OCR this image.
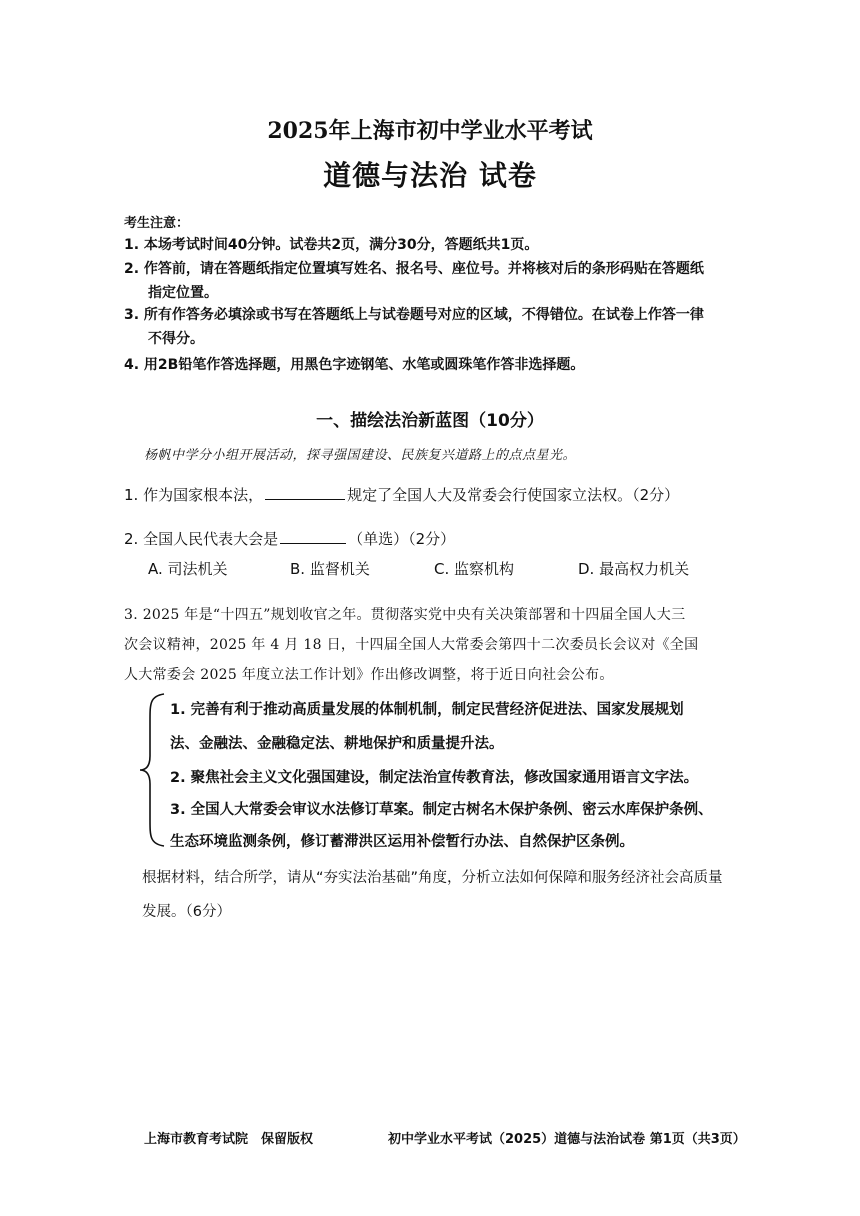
2025年上海市初中学业水平考试
道德与法治 试卷
考生注意：
1. 本场考试时间40分钟。试卷共2页，满分30分，答题纸共1页。
2. 作答前，请在答题纸指定位置填写姓名、报名号、座位号。并将核对后的条形码贴在答题纸
指定位置。
3. 所有作答务必填涂或书写在答题纸上与试卷题号对应的区域，不得错位。在试卷上作答一律
不得分。
4. 用2B铅笔作答选择题，用黑色字迹钢笔、水笔或圆珠笔作答非选择题。
一、描绘法治新蓝图（10分）
杨帆中学分小组开展活动，探寻强国建设、民族复兴道路上的点点星光。
1. 作为国家根本法，	规定了全国人大及常委会行使国家立法权。（2分）
2. 全国人民代表大会是	（单选）（2分）
A. 司法机关	B. 监督机关	C. 监察机构	D. 最高权力机关
3. 2025 年是“十四五”规划收官之年。贯彻落实党中央有关决策部署和十四届全国人大三
次会议精神，2025 年 4 月 18 日，十四届全国人大常委会第四十二次委员长会议对《全国
人大常委会 2025 年度立法工作计划》作出修改调整，将于近日向社会公布。
1. 完善有利于推动高质量发展的体制机制，制定民营经济促进法、国家发展规划
法、金融法、金融稳定法、耕地保护和质量提升法。
2. 聚焦社会主义文化强国建设，制定法治宣传教育法，修改国家通用语言文字法。
3. 全国人大常委会审议水法修订草案。制定古树名木保护条例、密云水库保护条例、
生态环境监测条例，修订蓄滞洪区运用补偿暂行办法、自然保护区条例。
根据材料，结合所学，请从“夯实法治基础”角度，分析立法如何保障和服务经济社会高质量
发展。（6分）
上海市教育考试院　保留版权	初中学业水平考试（2025）道德与法治试卷 第1页（共3页）
